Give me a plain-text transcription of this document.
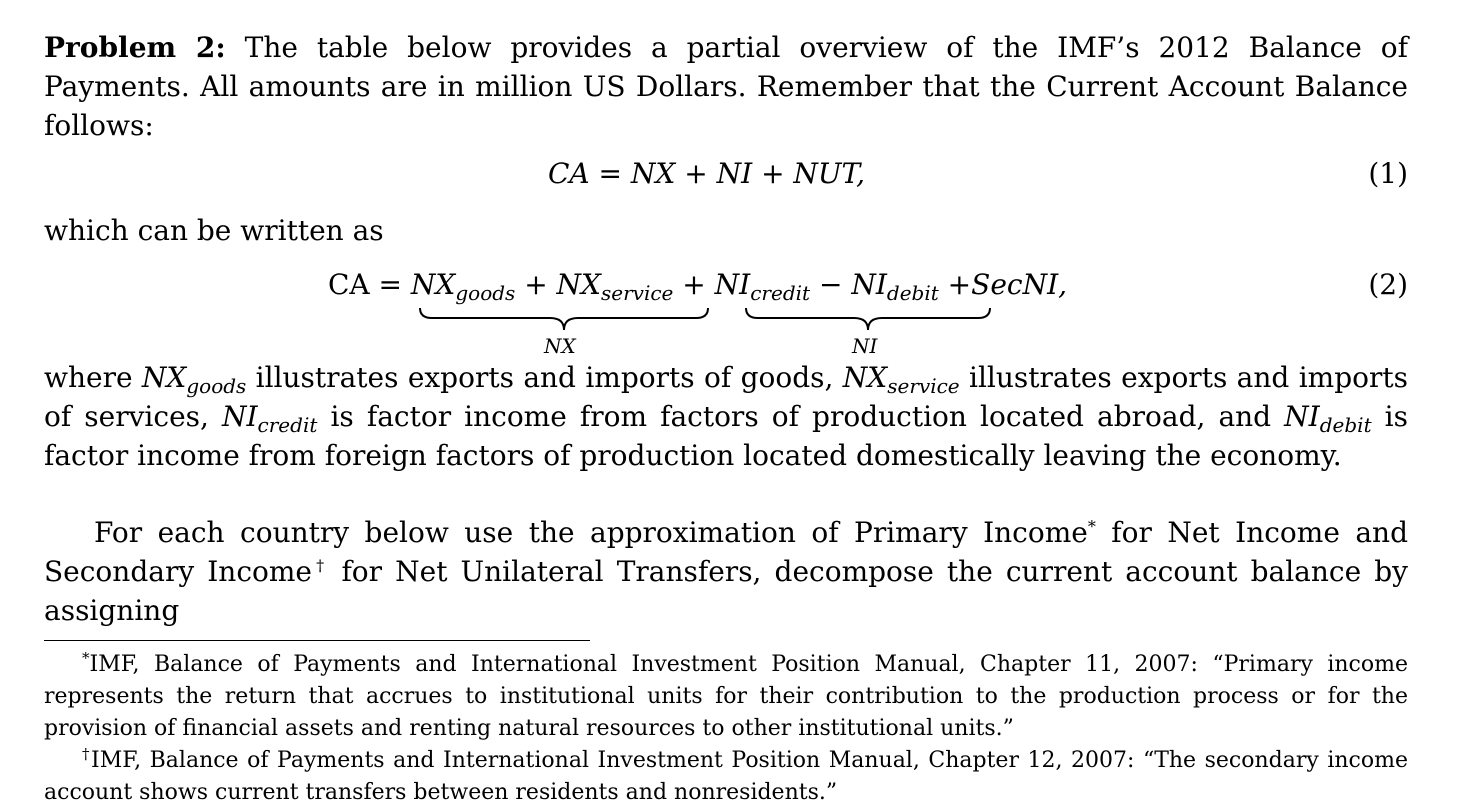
Problem 2: The table below provides a partial overview of the IMF’s 2012 Balance of Payments. All amounts are in million US Dollars. Remember that the Current Account Balance follows:

CA = NX + NI + NUT,	(1)

which can be written as

CA = $NX_{goods} + NX_{service} + NI_{credit} - NI_{debit}$ +SecNI,
NX	NI
(2)

where $NX_{goods}$ illustrates exports and imports of goods, $NX_{service}$ illustrates exports and imports of services, $NI_{credit}$ is factor income from factors of production located abroad, and $NI_{debit}$ is factor income from foreign factors of production located domestically leaving the economy.

For each country below use the approximation of Primary Income* for Net Income and Secondary Income† for Net Unilateral Transfers, decompose the current account balance by assigning

*IMF, Balance of Payments and International Investment Position Manual, Chapter 11, 2007: “Primary income represents the return that accrues to institutional units for their contribution to the production process or for the provision of financial assets and renting natural resources to other institutional units.”

†IMF, Balance of Payments and International Investment Position Manual, Chapter 12, 2007: “The secondary income account shows current transfers between residents and nonresidents.”
